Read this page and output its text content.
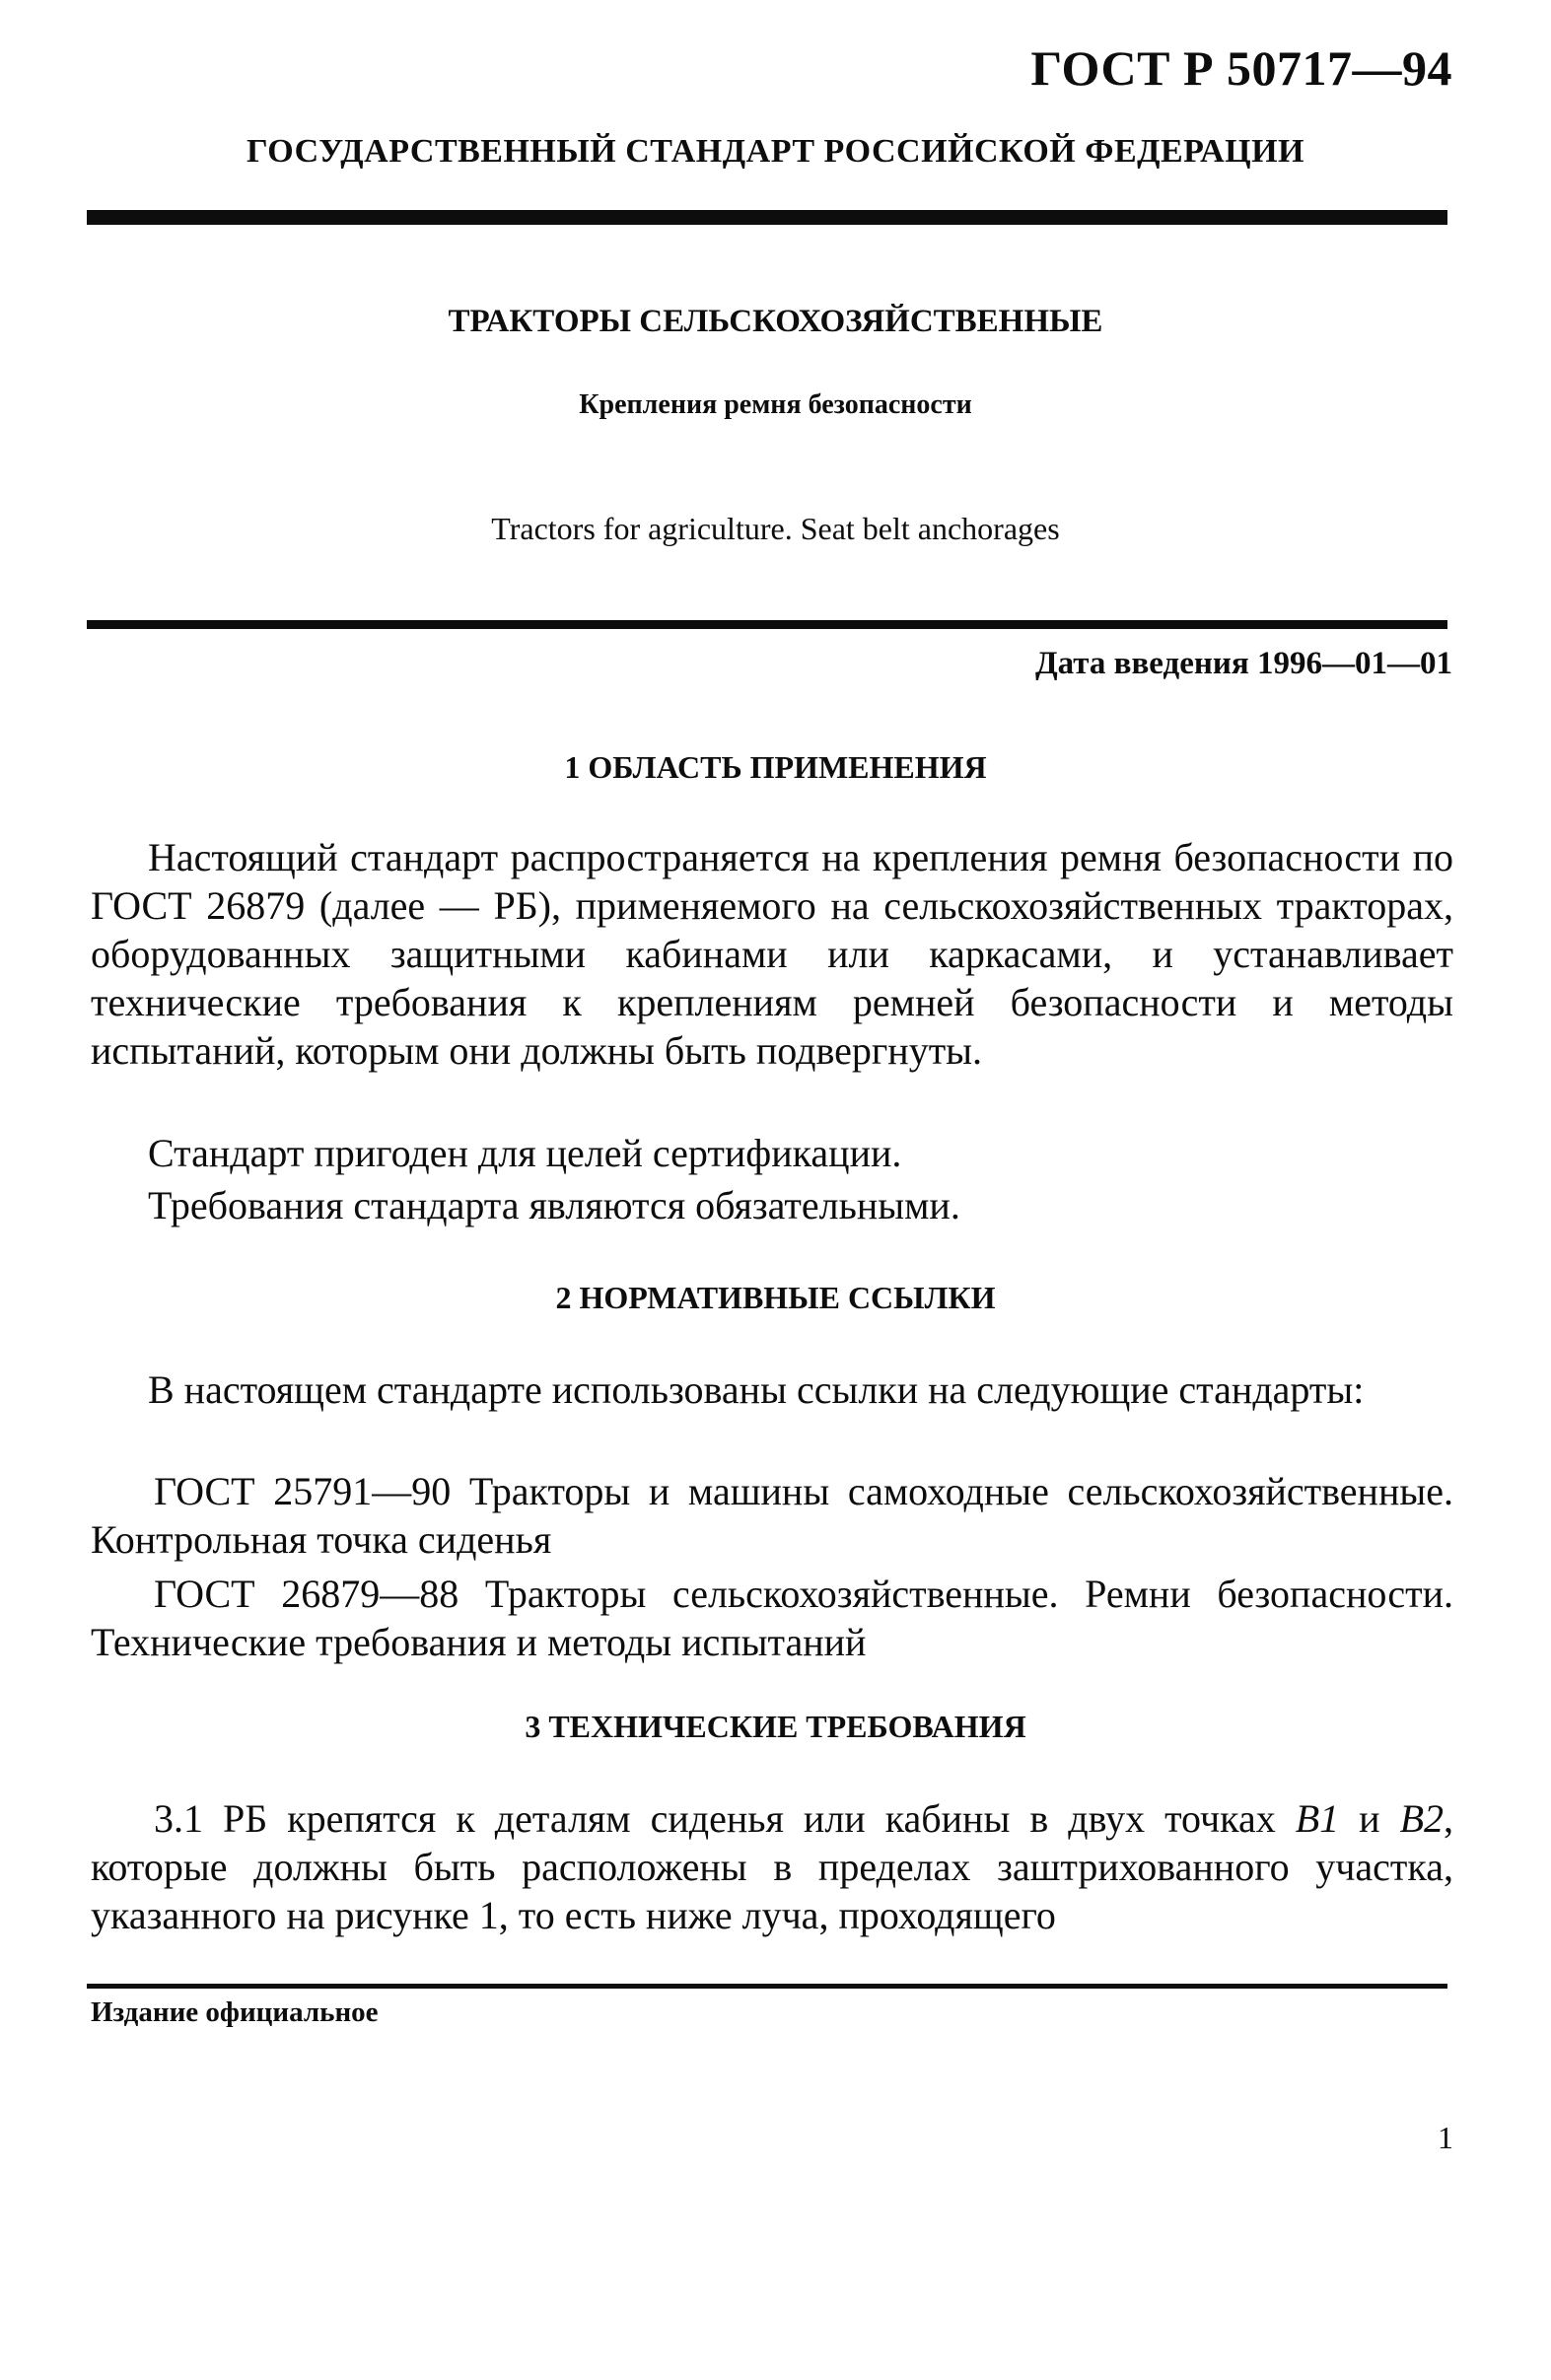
ГОСТ Р 50717—94
ГОСУДАРСТВЕННЫЙ СТАНДАРТ РОССИЙСКОЙ ФЕДЕРАЦИИ
ТРАКТОРЫ СЕЛЬСКОХОЗЯЙСТВЕННЫЕ
Крепления ремня безопасности
Tractors for agriculture. Seat belt anchorages
Дата введения 1996—01—01
1 ОБЛАСТЬ ПРИМЕНЕНИЯ

Настоящий стандарт распространяется на крепления ремня безопасности по ГОСТ 26879 (далее — РБ), применяемого на сельскохозяйственных тракторах, оборудованных защитными кабинами или каркасами, и устанавливает технические требования к креплениям ремней безопасности и методы испытаний, которым они должны быть подвергнуты.

Стандарт пригоден для целей сертификации.

Требования стандарта являются обязательными.

2 НОРМАТИВНЫЕ ССЫЛКИ

В настоящем стандарте использованы ссылки на следующие стандарты:

ГОСТ 25791—90 Тракторы и машины самоходные сельскохозяйственные. Контрольная точка сиденья

ГОСТ 26879—88 Тракторы сельскохозяйственные. Ремни безопасности. Технические требования и методы испытаний

3 ТЕХНИЧЕСКИЕ ТРЕБОВАНИЯ

3.1 РБ крепятся к деталям сиденья или кабины в двух точках B1 и B2, которые должны быть расположены в пределах заштрихованного участка, указанного на рисунке 1, то есть ниже луча, проходящего

Издание официальное
1
